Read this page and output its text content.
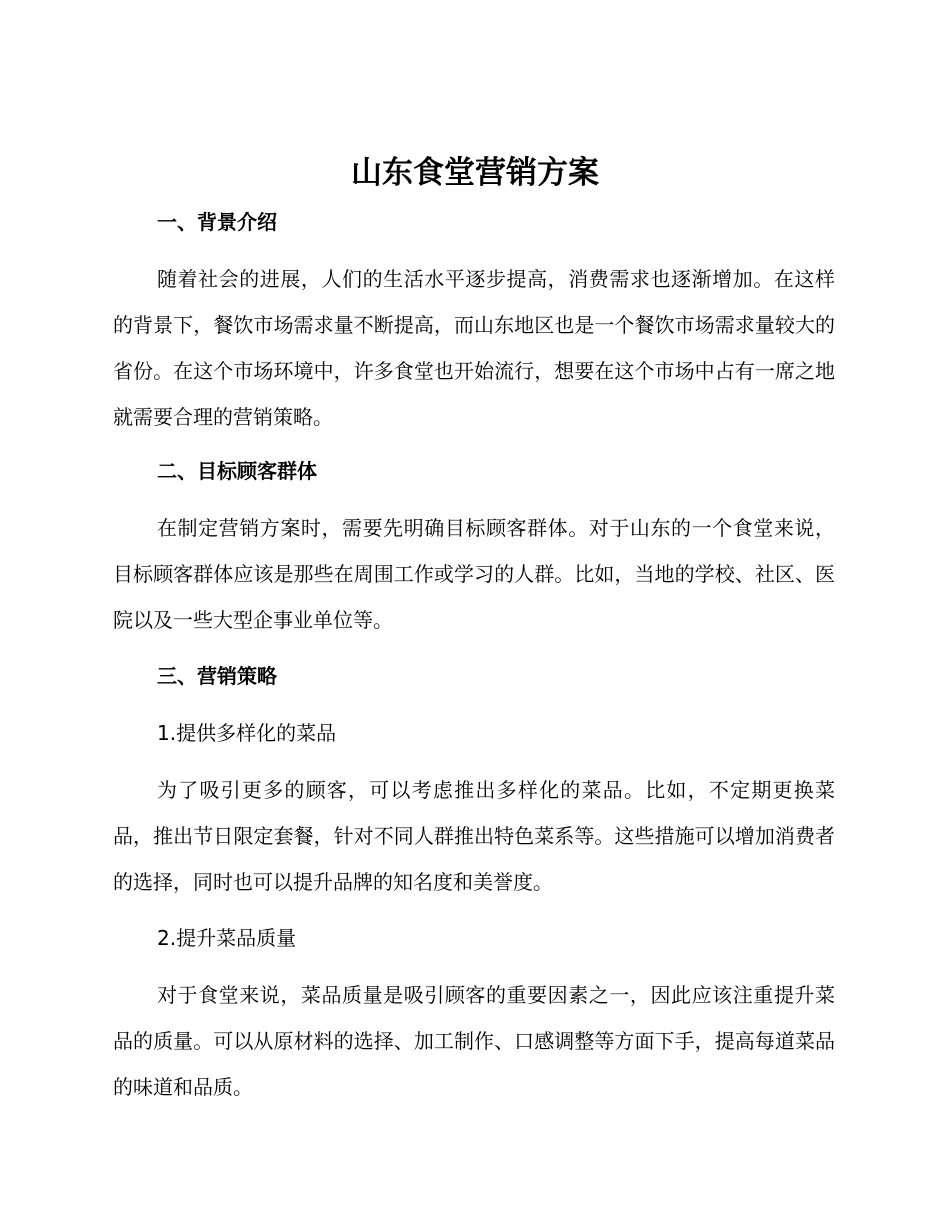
山东食堂营销方案
一、背景介绍

随着社会的进展，人们的生活水平逐步提高，消费需求也逐渐增加。在这样的背景下，餐饮市场需求量不断提高，而山东地区也是一个餐饮市场需求量较大的省份。在这个市场环境中，许多食堂也开始流行，想要在这个市场中占有一席之地就需要合理的营销策略。

二、目标顾客群体

在制定营销方案时，需要先明确目标顾客群体。对于山东的一个食堂来说，目标顾客群体应该是那些在周围工作或学习的人群。比如，当地的学校、社区、医院以及一些大型企事业单位等。

三、营销策略

1.提供多样化的菜品

为了吸引更多的顾客，可以考虑推出多样化的菜品。比如，不定期更换菜品，推出节日限定套餐，针对不同人群推出特色菜系等。这些措施可以增加消费者的选择，同时也可以提升品牌的知名度和美誉度。

2.提升菜品质量

对于食堂来说，菜品质量是吸引顾客的重要因素之一，因此应该注重提升菜品的质量。可以从原材料的选择、加工制作、口感调整等方面下手，提高每道菜品的味道和品质。
